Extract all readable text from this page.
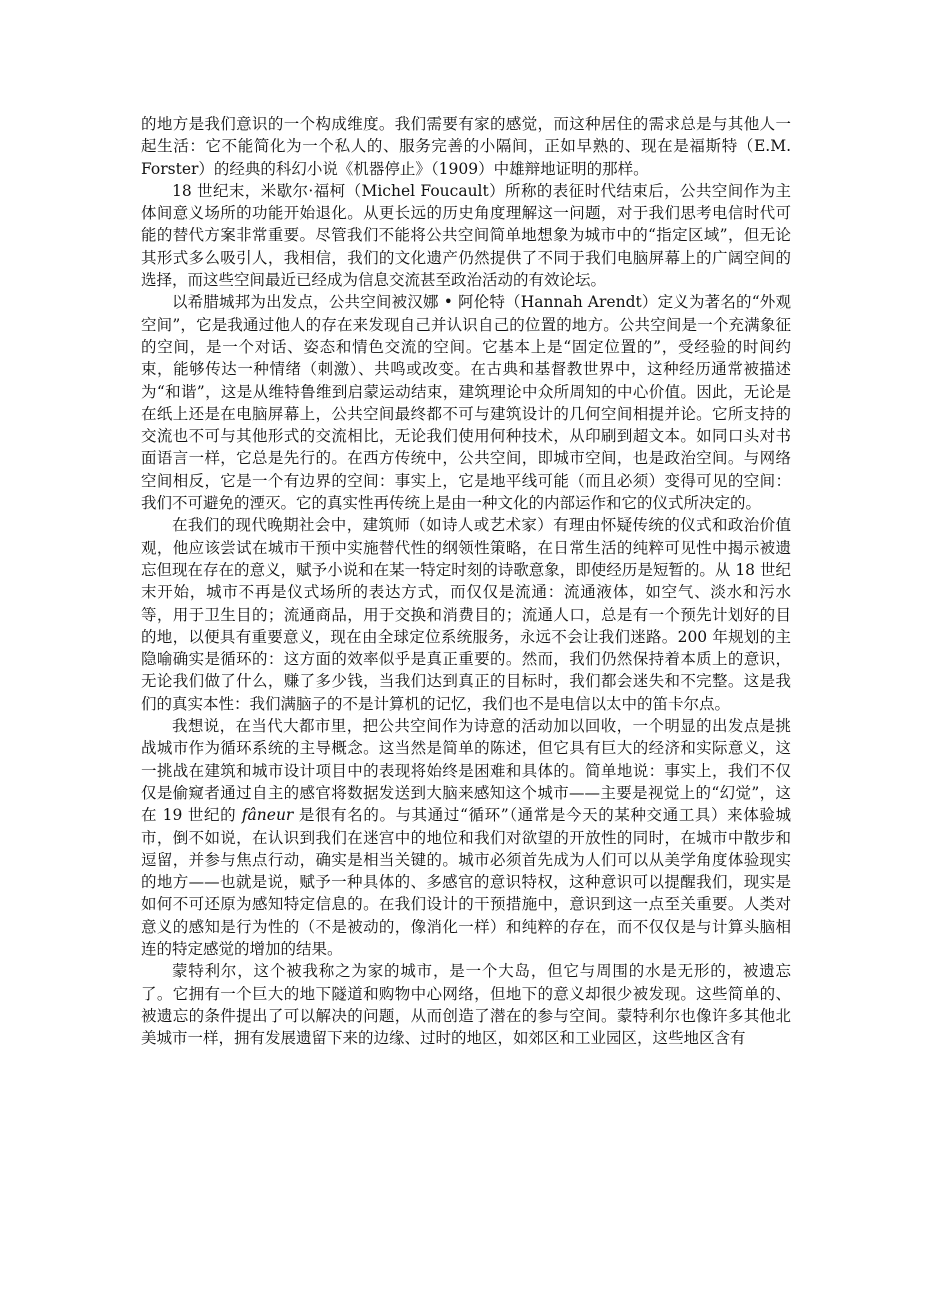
的地方是我们意识的一个构成维度。我们需要有家的感觉，而这种居住的需求总是与其他人一起生活：它不能简化为一个私人的、服务完善的小隔间，正如早熟的、现在是福斯特（E.M. Forster）的经典的科幻小说《机器停止》（1909）中雄辩地证明的那样。

18 世纪末，米歇尔·福柯（Michel Foucault）所称的表征时代结束后，公共空间作为主体间意义场所的功能开始退化。从更长远的历史角度理解这一问题，对于我们思考电信时代可能的替代方案非常重要。尽管我们不能将公共空间简单地想象为城市中的“指定区域”，但无论其形式多么吸引人，我相信，我们的文化遗产仍然提供了不同于我们电脑屏幕上的广阔空间的选择，而这些空间最近已经成为信息交流甚至政治活动的有效论坛。

以希腊城邦为出发点，公共空间被汉娜 • 阿伦特（Hannah Arendt）定义为著名的“外观空间”，它是我通过他人的存在来发现自己并认识自己的位置的地方。公共空间是一个充满象征的空间，是一个对话、姿态和情色交流的空间。它基本上是“固定位置的”，受经验的时间约束，能够传达一种情绪（刺激）、共鸣或改变。在古典和基督教世界中，这种经历通常被描述为“和谐”，这是从维特鲁维到启蒙运动结束，建筑理论中众所周知的中心价值。因此，无论是在纸上还是在电脑屏幕上，公共空间最终都不可与建筑设计的几何空间相提并论。它所支持的交流也不可与其他形式的交流相比，无论我们使用何种技术，从印刷到超文本。如同口头对书面语言一样，它总是先行的。在西方传统中，公共空间，即城市空间，也是政治空间。与网络空间相反，它是一个有边界的空间：事实上，它是地平线可能（而且必须）变得可见的空间：我们不可避免的湮灭。它的真实性再传统上是由一种文化的内部运作和它的仪式所决定的。

在我们的现代晚期社会中，建筑师（如诗人或艺术家）有理由怀疑传统的仪式和政治价值观，他应该尝试在城市干预中实施替代性的纲领性策略，在日常生活的纯粹可见性中揭示被遗忘但现在存在的意义，赋予小说和在某一特定时刻的诗歌意象，即使经历是短暂的。从 18 世纪末开始，城市不再是仪式场所的表达方式，而仅仅是流通：流通液体，如空气、淡水和污水等，用于卫生目的；流通商品，用于交换和消费目的；流通人口，总是有一个预先计划好的目的地，以便具有重要意义，现在由全球定位系统服务，永远不会让我们迷路。200 年规划的主隐喻确实是循环的：这方面的效率似乎是真正重要的。然而，我们仍然保持着本质上的意识，无论我们做了什么，赚了多少钱，当我们达到真正的目标时，我们都会迷失和不完整。这是我们的真实本性：我们满脑子的不是计算机的记忆，我们也不是电信以太中的笛卡尔点。

我想说，在当代大都市里，把公共空间作为诗意的活动加以回收，一个明显的出发点是挑战城市作为循环系统的主导概念。这当然是简单的陈述，但它具有巨大的经济和实际意义，这一挑战在建筑和城市设计项目中的表现将始终是困难和具体的。简单地说：事实上，我们不仅仅是偷窥者通过自主的感官将数据发送到大脑来感知这个城市——主要是视觉上的“幻觉”，这在 19 世纪的 fâneur 是很有名的。与其通过“循环”（通常是今天的某种交通工具）来体验城市，倒不如说，在认识到我们在迷宫中的地位和我们对欲望的开放性的同时，在城市中散步和逗留，并参与焦点行动，确实是相当关键的。城市必须首先成为人们可以从美学角度体验现实的地方——也就是说，赋予一种具体的、多感官的意识特权，这种意识可以提醒我们，现实是如何不可还原为感知特定信息的。在我们设计的干预措施中，意识到这一点至关重要。人类对意义的感知是行为性的（不是被动的，像消化一样）和纯粹的存在，而不仅仅是与计算头脑相连的特定感觉的增加的结果。

蒙特利尔，这个被我称之为家的城市，是一个大岛，但它与周围的水是无形的，被遗忘了。它拥有一个巨大的地下隧道和购物中心网络，但地下的意义却很少被发现。这些简单的、被遗忘的条件提出了可以解决的问题，从而创造了潜在的参与空间。蒙特利尔也像许多其他北美城市一样，拥有发展遗留下来的边缘、过时的地区，如郊区和工业园区，这些地区含有
